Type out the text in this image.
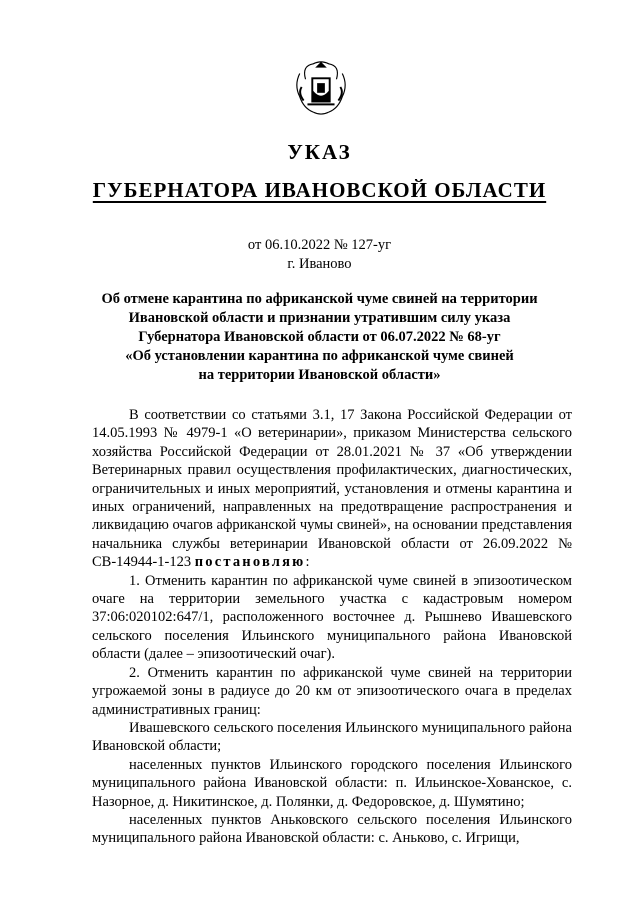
УКАЗ
ГУБЕРНАТОРА ИВАНОВСКОЙ ОБЛАСТИ
от 06.10.2022 № 127-уг
г. Иваново
Об отмене карантина по африканской чуме свиней на территории
Ивановской области и признании утратившим силу указа
Губернатора Ивановской области от 06.07.2022 № 68-уг
«Об установлении карантина по африканской чуме свиней
на территории Ивановской области»

В соответствии со статьями 3.1, 17 Закона Российской Федерации от 14.05.1993 № 4979-1 «О ветеринарии», приказом Министерства сельского хозяйства Российской Федерации от 28.01.2021 № 37 «Об утверждении Ветеринарных правил осуществления профилактических, диагностических, ограничительных и иных мероприятий, установления и отмены карантина и иных ограничений, направленных на предотвращение распространения и ликвидацию очагов африканской чумы свиней», на основании представления начальника службы ветеринарии Ивановской области от 26.09.2022 № СВ-14944-1-123 постановляю:

1. Отменить карантин по африканской чуме свиней в эпизоотическом очаге на территории земельного участка с кадастровым номером 37:06:020102:647/1, расположенного восточнее д. Рышнево Ивашевского сельского поселения Ильинского муниципального района Ивановской области (далее – эпизоотический очаг).

2. Отменить карантин по африканской чуме свиней на территории угрожаемой зоны в радиусе до 20 км от эпизоотического очага в пределах административных границ:

Ивашевского сельского поселения Ильинского муниципального района Ивановской области;

населенных пунктов Ильинского городского поселения Ильинского муниципального района Ивановской области: п. Ильинское-Хованское, с. Назорное, д. Никитинское, д. Полянки, д. Федоровское, д. Шумятино;

населенных пунктов Аньковского сельского поселения Ильинского муниципального района Ивановской области: с. Аньково, с. Игрищи,
